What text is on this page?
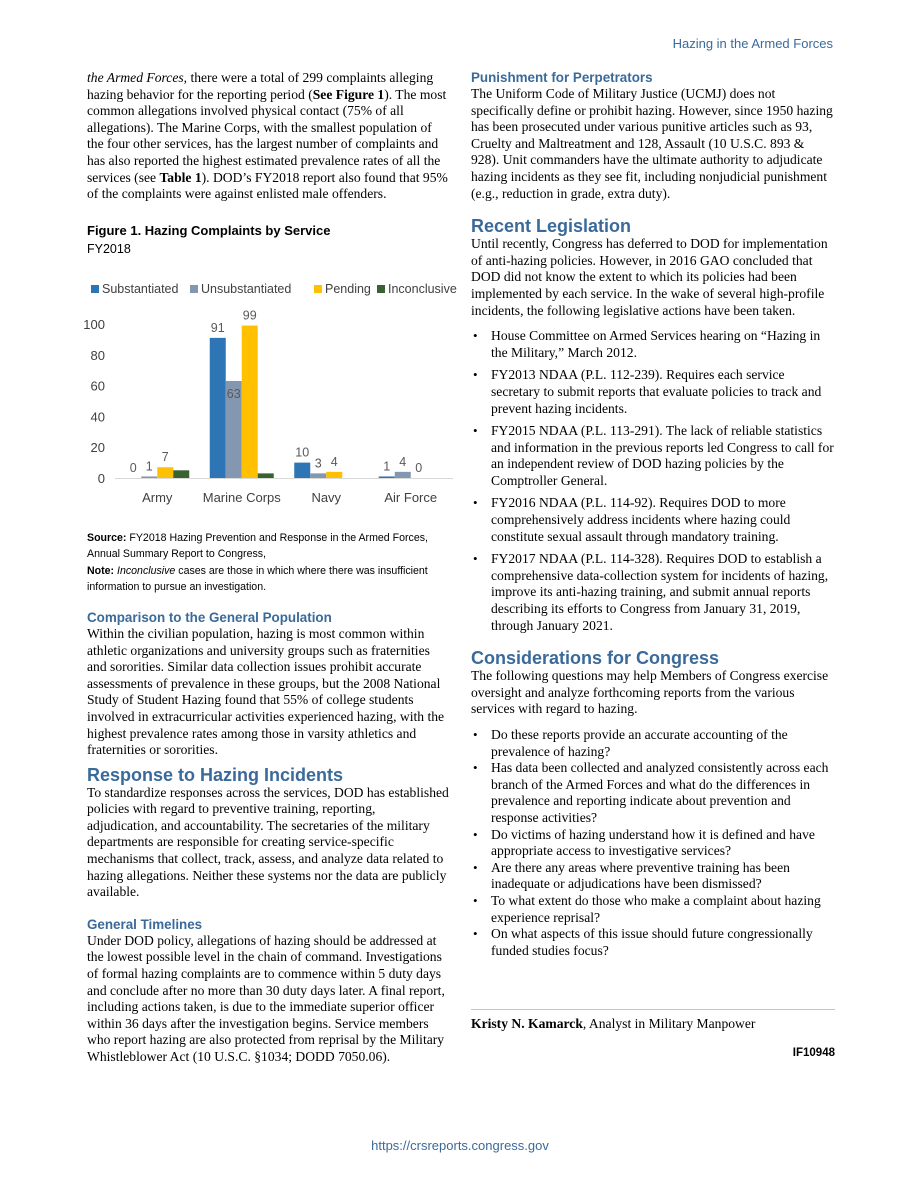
Hazing in the Armed Forces

the Armed Forces, there were a total of 299 complaints alleging hazing behavior for the reporting period (See Figure 1). The most common allegations involved physical contact (75% of all allegations). The Marine Corps, with the smallest population of the four other services, has the largest number of complaints and has also reported the highest estimated prevalence rates of all the services (see Table 1). DOD’s FY2018 report also found that 95% of the complaints were against enlisted male offenders.

Figure 1. Hazing Complaints by Service

FY2018

Substantiated Unsubstantiated	Pending Inconclusive
0
20
40
60
80
100
0 1
7
91
63
99
10
3 4	1 4 0
Army Marine Corps Navy	Air Force

Source: FY2018 Hazing Prevention and Response in the Armed Forces, Annual Summary Report to Congress,

Note: Inconclusive cases are those in which where there was insufficient information to pursue an investigation.

Comparison to the General Population

Within the civilian population, hazing is most common within athletic organizations and university groups such as fraternities and sororities. Similar data collection issues prohibit accurate assessments of prevalence in these groups, but the 2008 National Study of Student Hazing found that 55% of college students involved in extracurricular activities experienced hazing, with the highest prevalence rates among those in varsity athletics and fraternities or sororities.

Response to Hazing Incidents

To standardize responses across the services, DOD has established policies with regard to preventive training, reporting, adjudication, and accountability. The secretaries of the military departments are responsible for creating service-specific mechanisms that collect, track, assess, and analyze data related to hazing allegations. Neither these systems nor the data are publicly available.

General Timelines

Under DOD policy, allegations of hazing should be addressed at the lowest possible level in the chain of command. Investigations of formal hazing complaints are to commence within 5 duty days and conclude after no more than 30 duty days later. A final report, including actions taken, is due to the immediate superior officer within 36 days after the investigation begins. Service members who report hazing are also protected from reprisal by the Military Whistleblower Act (10 U.S.C. §1034; DODD 7050.06).

Punishment for Perpetrators

The Uniform Code of Military Justice (UCMJ) does not specifically define or prohibit hazing. However, since 1950 hazing has been prosecuted under various punitive articles such as 93, Cruelty and Maltreatment and 128, Assault (10 U.S.C. 893 & 928). Unit commanders have the ultimate authority to adjudicate hazing incidents as they see fit, including nonjudicial punishment (e.g., reduction in grade, extra duty).

Recent Legislation

Until recently, Congress has deferred to DOD for implementation of anti-hazing policies. However, in 2016 GAO concluded that DOD did not know the extent to which its policies had been implemented by each service. In the wake of several high-profile incidents, the following legislative actions have been taken.

• House Committee on Armed Services hearing on “Hazing in the Military,” March 2012.
• FY2013 NDAA (P.L. 112-239). Requires each service secretary to submit reports that evaluate policies to track and prevent hazing incidents.
• FY2015 NDAA (P.L. 113-291). The lack of reliable statistics and information in the previous reports led Congress to call for an independent review of DOD hazing policies by the Comptroller General.
• FY2016 NDAA (P.L. 114-92). Requires DOD to more comprehensively address incidents where hazing could constitute sexual assault through mandatory training.
• FY2017 NDAA (P.L. 114-328). Requires DOD to establish a comprehensive data-collection system for incidents of hazing, improve its anti-hazing training, and submit annual reports describing its efforts to Congress from January 31, 2019, through January 2021.

Considerations for Congress

The following questions may help Members of Congress exercise oversight and analyze forthcoming reports from the various services with regard to hazing.

• Do these reports provide an accurate accounting of the prevalence of hazing?
• Has data been collected and analyzed consistently across each branch of the Armed Forces and what do the differences in prevalence and reporting indicate about prevention and response activities?
• Do victims of hazing understand how it is defined and have appropriate access to investigative services?
• Are there any areas where preventive training has been inadequate or adjudications have been dismissed?
• To what extent do those who make a complaint about hazing experience reprisal?
• On what aspects of this issue should future congressionally funded studies focus?

Kristy N. Kamarck, Analyst in Military Manpower

IF10948
https://crsreports.congress.gov
